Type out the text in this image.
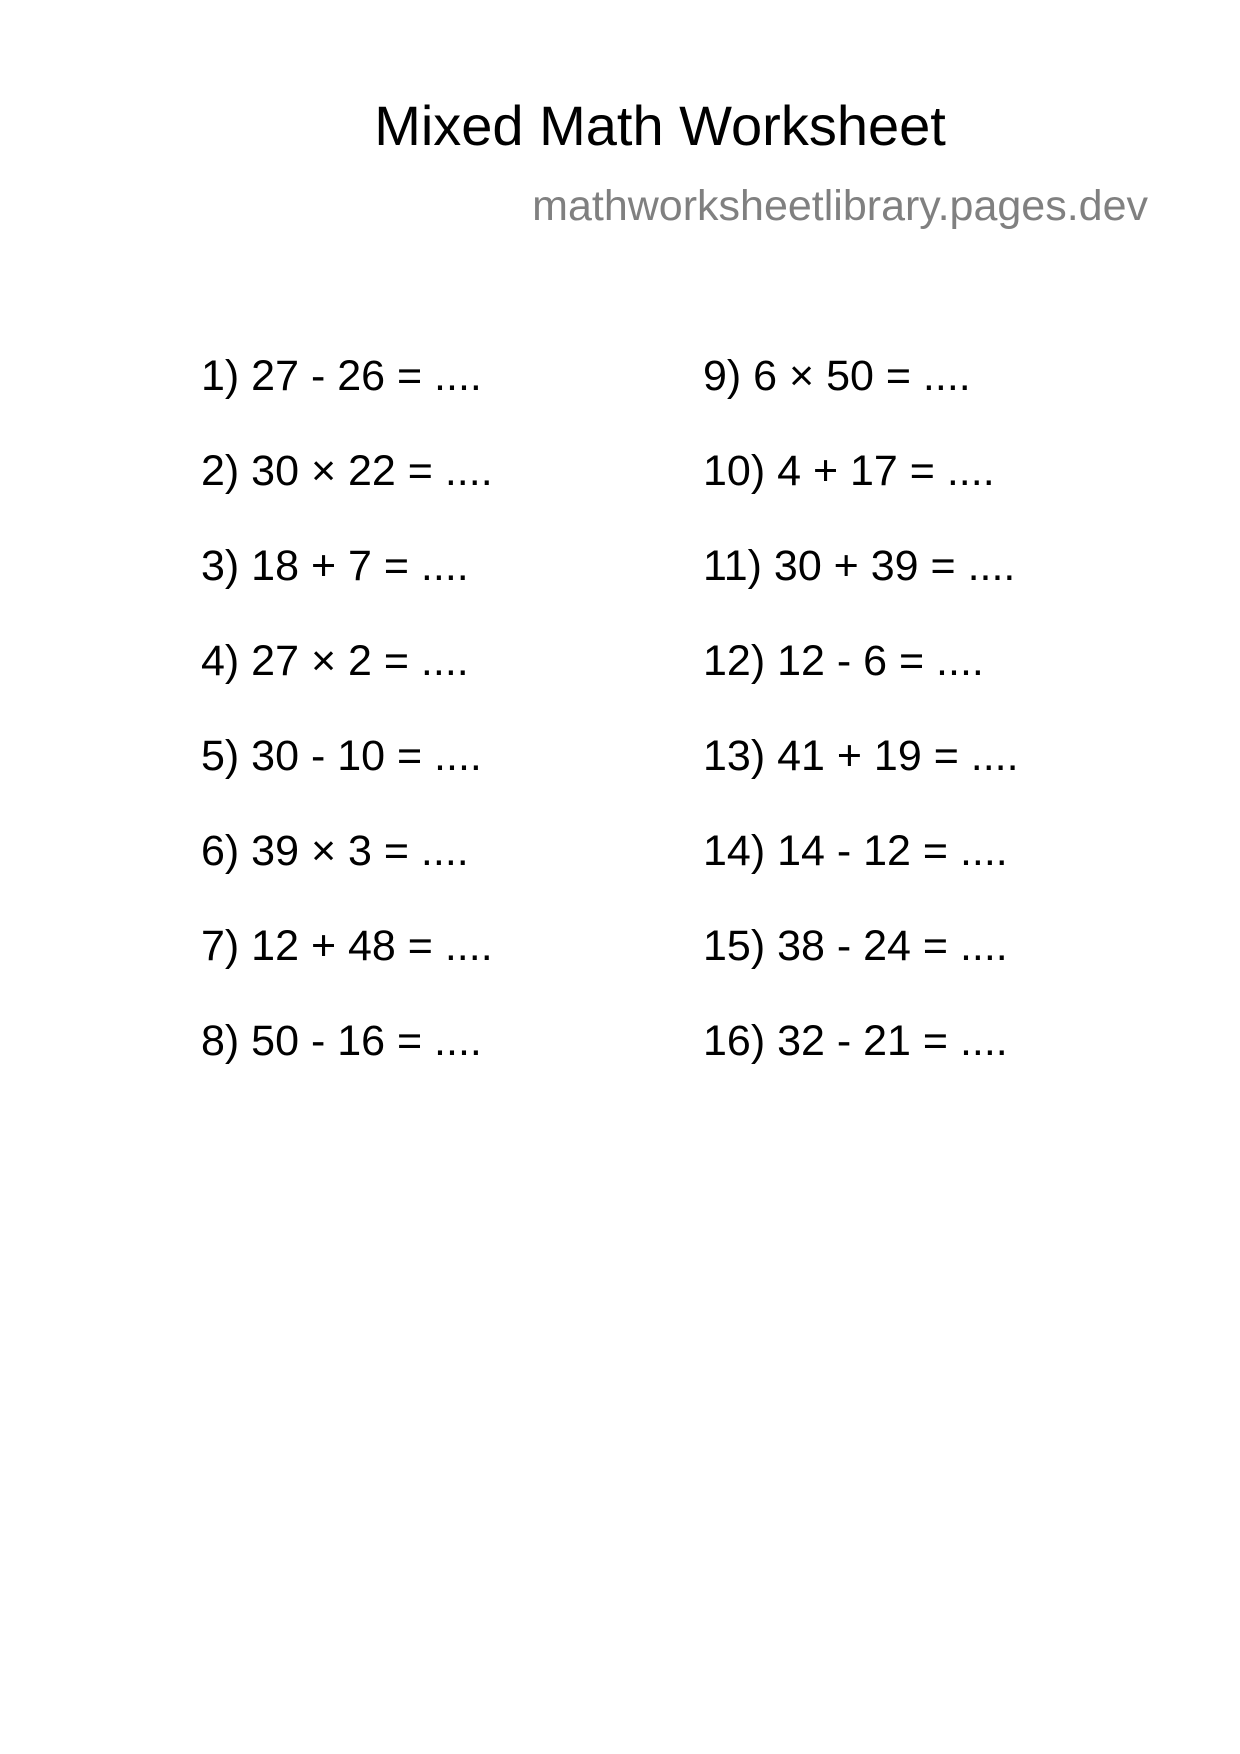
Mixed Math Worksheet
mathworksheetlibrary.pages.dev
1) 27 - 26 = ....
2) 30 × 22 = ....
3) 18 + 7 = ....
4) 27 × 2 = ....
5) 30 - 10 = ....
6) 39 × 3 = ....
7) 12 + 48 = ....
8) 50 - 16 = ....
9) 6 × 50 = ....
10) 4 + 17 = ....
11) 30 + 39 = ....
12) 12 - 6 = ....
13) 41 + 19 = ....
14) 14 - 12 = ....
15) 38 - 24 = ....
16) 32 - 21 = ....
